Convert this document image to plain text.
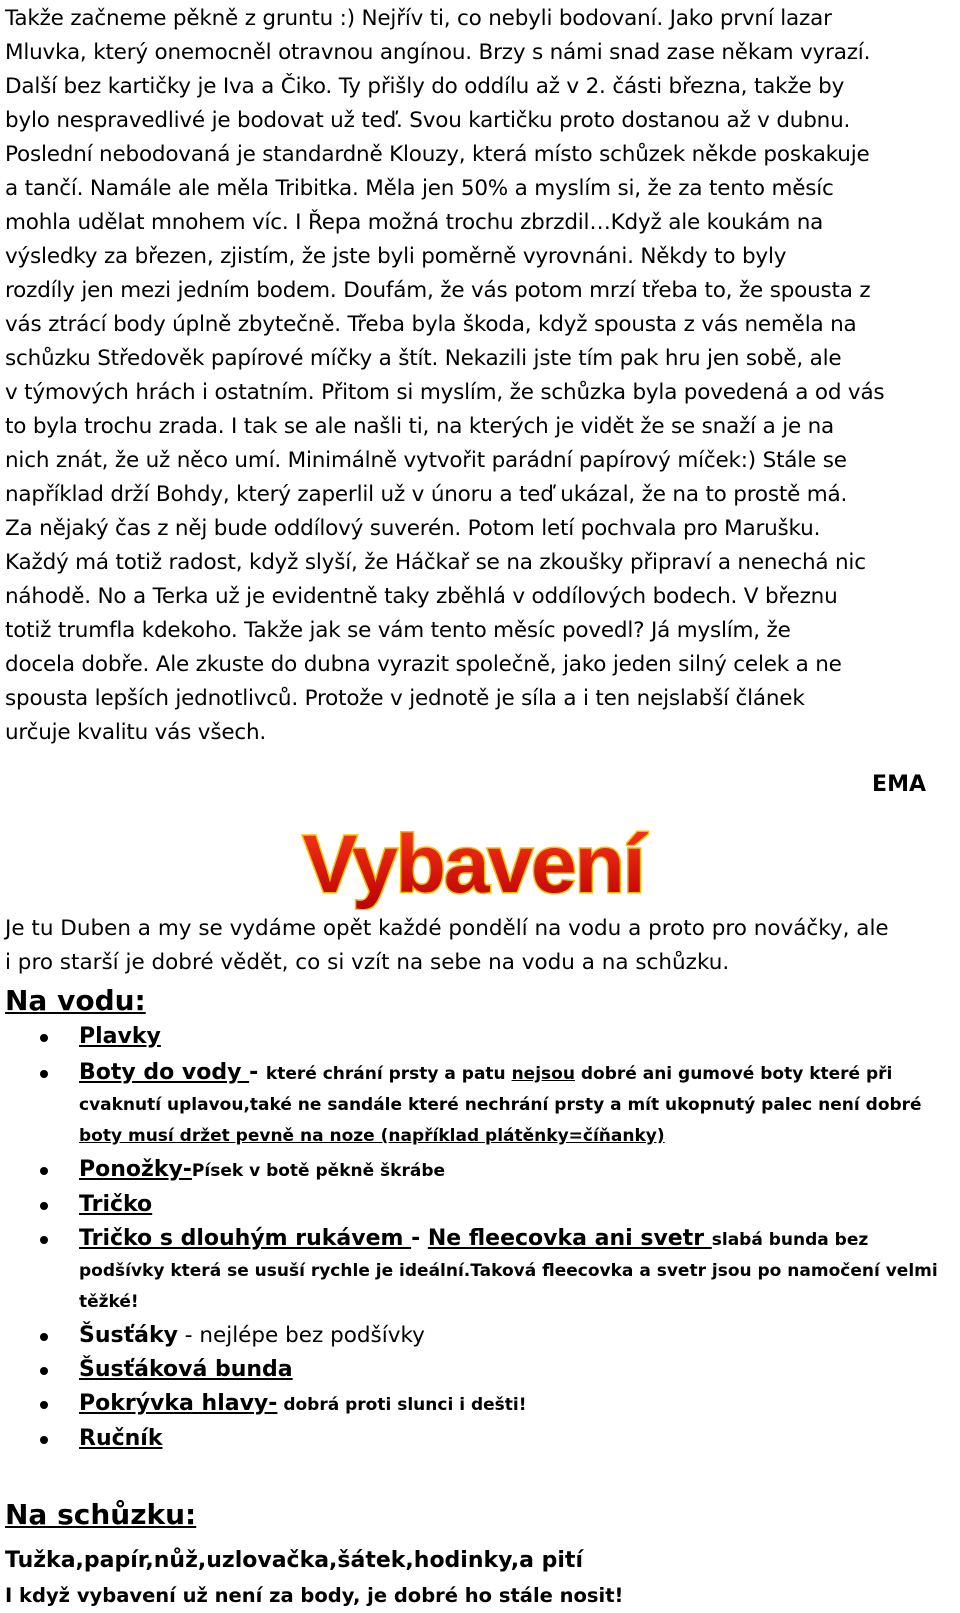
Takže začneme pěkně z gruntu :) Nejřív ti, co nebyli bodovaní. Jako první lazar
Mluvka, který onemocněl otravnou angínou. Brzy s námi snad zase někam vyrazí.
Další bez kartičky je Iva a Čiko. Ty přišly do oddílu až v 2. části března, takže by
bylo nespravedlivé je bodovat už teď. Svou kartičku proto dostanou až v dubnu.
Poslední nebodovaná je standardně Klouzy, která místo schůzek někde poskakuje
a tančí. Namále ale měla Tribitka. Měla jen 50% a myslím si, že za tento měsíc
mohla udělat mnohem víc. I Řepa možná trochu zbrzdil…Když ale koukám na
výsledky za březen, zjistím, že jste byli poměrně vyrovnáni. Někdy to byly
rozdíly jen mezi jedním bodem. Doufám, že vás potom mrzí třeba to, že spousta z
vás ztrácí body úplně zbytečně. Třeba byla škoda, když spousta z vás neměla na
schůzku Středověk papírové míčky a štít. Nekazili jste tím pak hru jen sobě, ale
v týmových hrách i ostatním. Přitom si myslím, že schůzka byla povedená a od vás
to byla trochu zrada. I tak se ale našli ti, na kterých je vidět že se snaží a je na
nich znát, že už něco umí. Minimálně vytvořit parádní papírový míček:) Stále se
například drží Bohdy, který zaperlil už v únoru a teď ukázal, že na to prostě má.
Za nějaký čas z něj bude oddílový suverén. Potom letí pochvala pro Marušku.
Každý má totiž radost, když slyší, že Háčkař se na zkoušky připraví a nenechá nic
náhodě. No a Terka už je evidentně taky zběhlá v oddílových bodech. V březnu
totiž trumfla kdekoho. Takže jak se vám tento měsíc povedl? Já myslím, že
docela dobře. Ale zkuste do dubna vyrazit společně, jako jeden silný celek a ne
spousta lepších jednotlivců. Protože v jednotě je síla a i ten nejslabší článek
určuje kvalitu vás všech.
EMA
Vybavení
Je tu Duben a my se vydáme opět každé pondělí na vodu a proto pro nováčky, ale
i pro starší je dobré vědět, co si vzít na sebe na vodu a na schůzku.
Na vodu:
Plavky
Boty do vody - které chrání prsty a patu nejsou dobré ani gumové boty které při cvaknutí uplavou,také ne sandále které nechrání prsty a mít ukopnutý palec není dobré boty musí držet pevně na noze (například plátěnky=číňanky)
Ponožky-Písek v botě pěkně škrábe
Tričko
Tričko s dlouhým rukávem - Ne fleecovka ani svetr slabá bunda bez podšívky která se usuší rychle je ideální.Taková fleecovka a svetr jsou po namočení velmi těžké!
Šusťáky - nejlépe bez podšívky
Šusťáková bunda
Pokrývka hlavy- dobrá proti slunci i dešti!
Ručník
Na schůzku:
Tužka,papír,nůž,uzlovačka,šátek,hodinky,a pití
I když vybavení už není za body, je dobré ho stále nosit!
